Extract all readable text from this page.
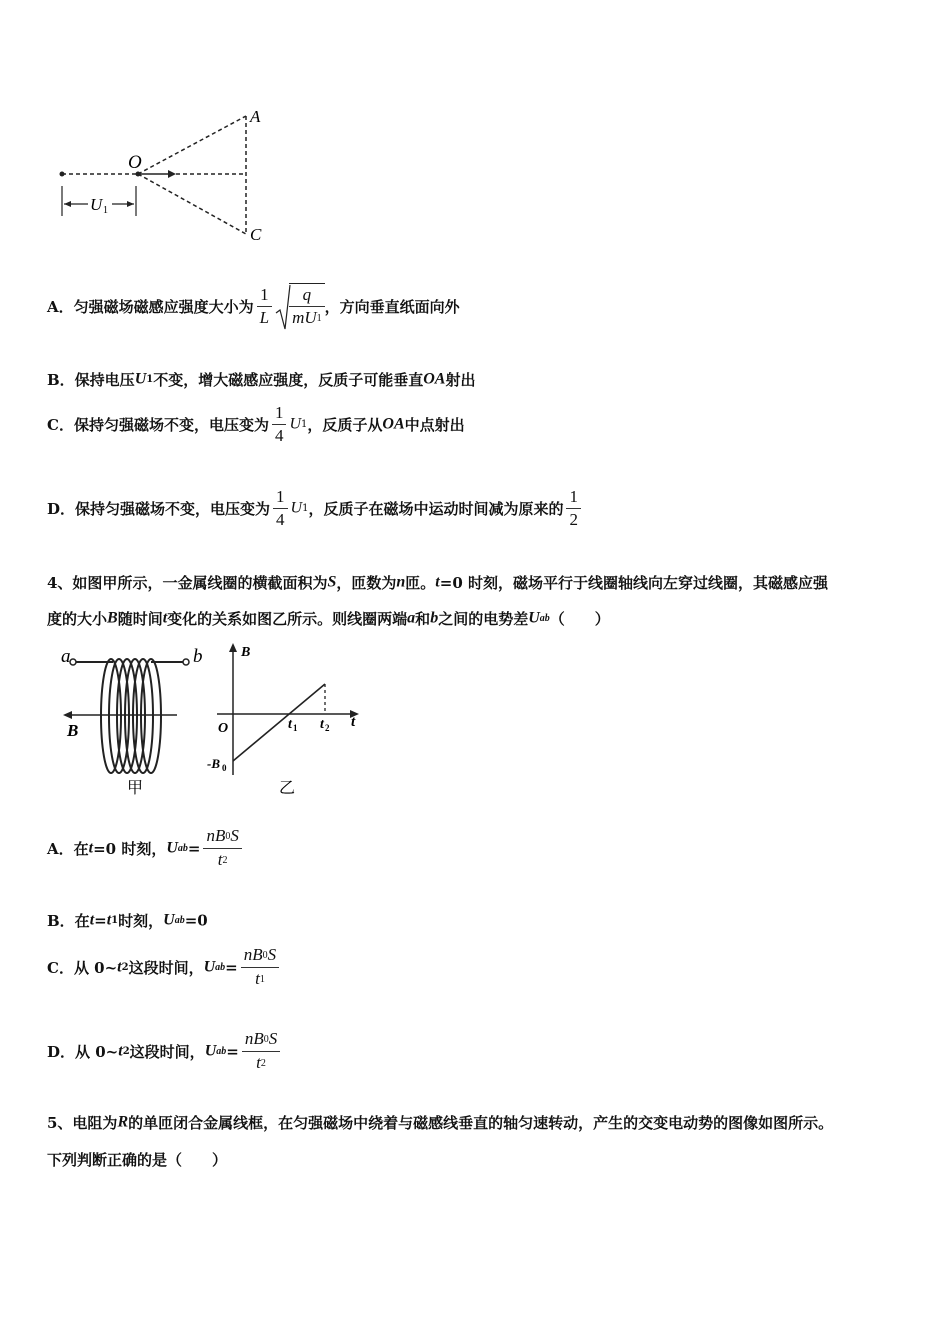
O
A
C
U 1
A．匀强磁场磁感应强度大小为 $\frac{1}{L} \frac{q}{mU1}$ ，方向垂直纸面向外
B．保持电压U1不变，增大磁感应强度，反质子可能垂直OA射出
C．保持匀强磁场不变，电压变为 $\frac{1}{4} U1$，反质子从OA中点射出
D．保持匀强磁场不变，电压变为 $\frac{1}{4} U1$，反质子在磁场中运动时间减为原来的 $\frac{1}{2}$
4、如图甲所示，一金属线圈的横截面积为S，匝数为n匝。t=0 时刻，磁场平行于线圈轴线向左穿过线圈，其磁感应强
度的大小B随时间t变化的关系如图乙所示。则线圈两端a和b之间的电势差Uab（　　）
a	b
B
甲
B
t
O	t 1 t 2
-B 0
乙
A．在t=0 时刻，$Uab= \frac{nB0S}{t2}$
B．在t=t1时刻，Uab=0
C．从 0~t2这段时间，$Uab= \frac{nB0S}{t1}$
D．从 0~t2这段时间，$Uab= \frac{nB0S}{t2}$
5、电阻为R的单匝闭合金属线框，在匀强磁场中绕着与磁感线垂直的轴匀速转动，产生的交变电动势的图像如图所示。
下列判断正确的是（　　）
